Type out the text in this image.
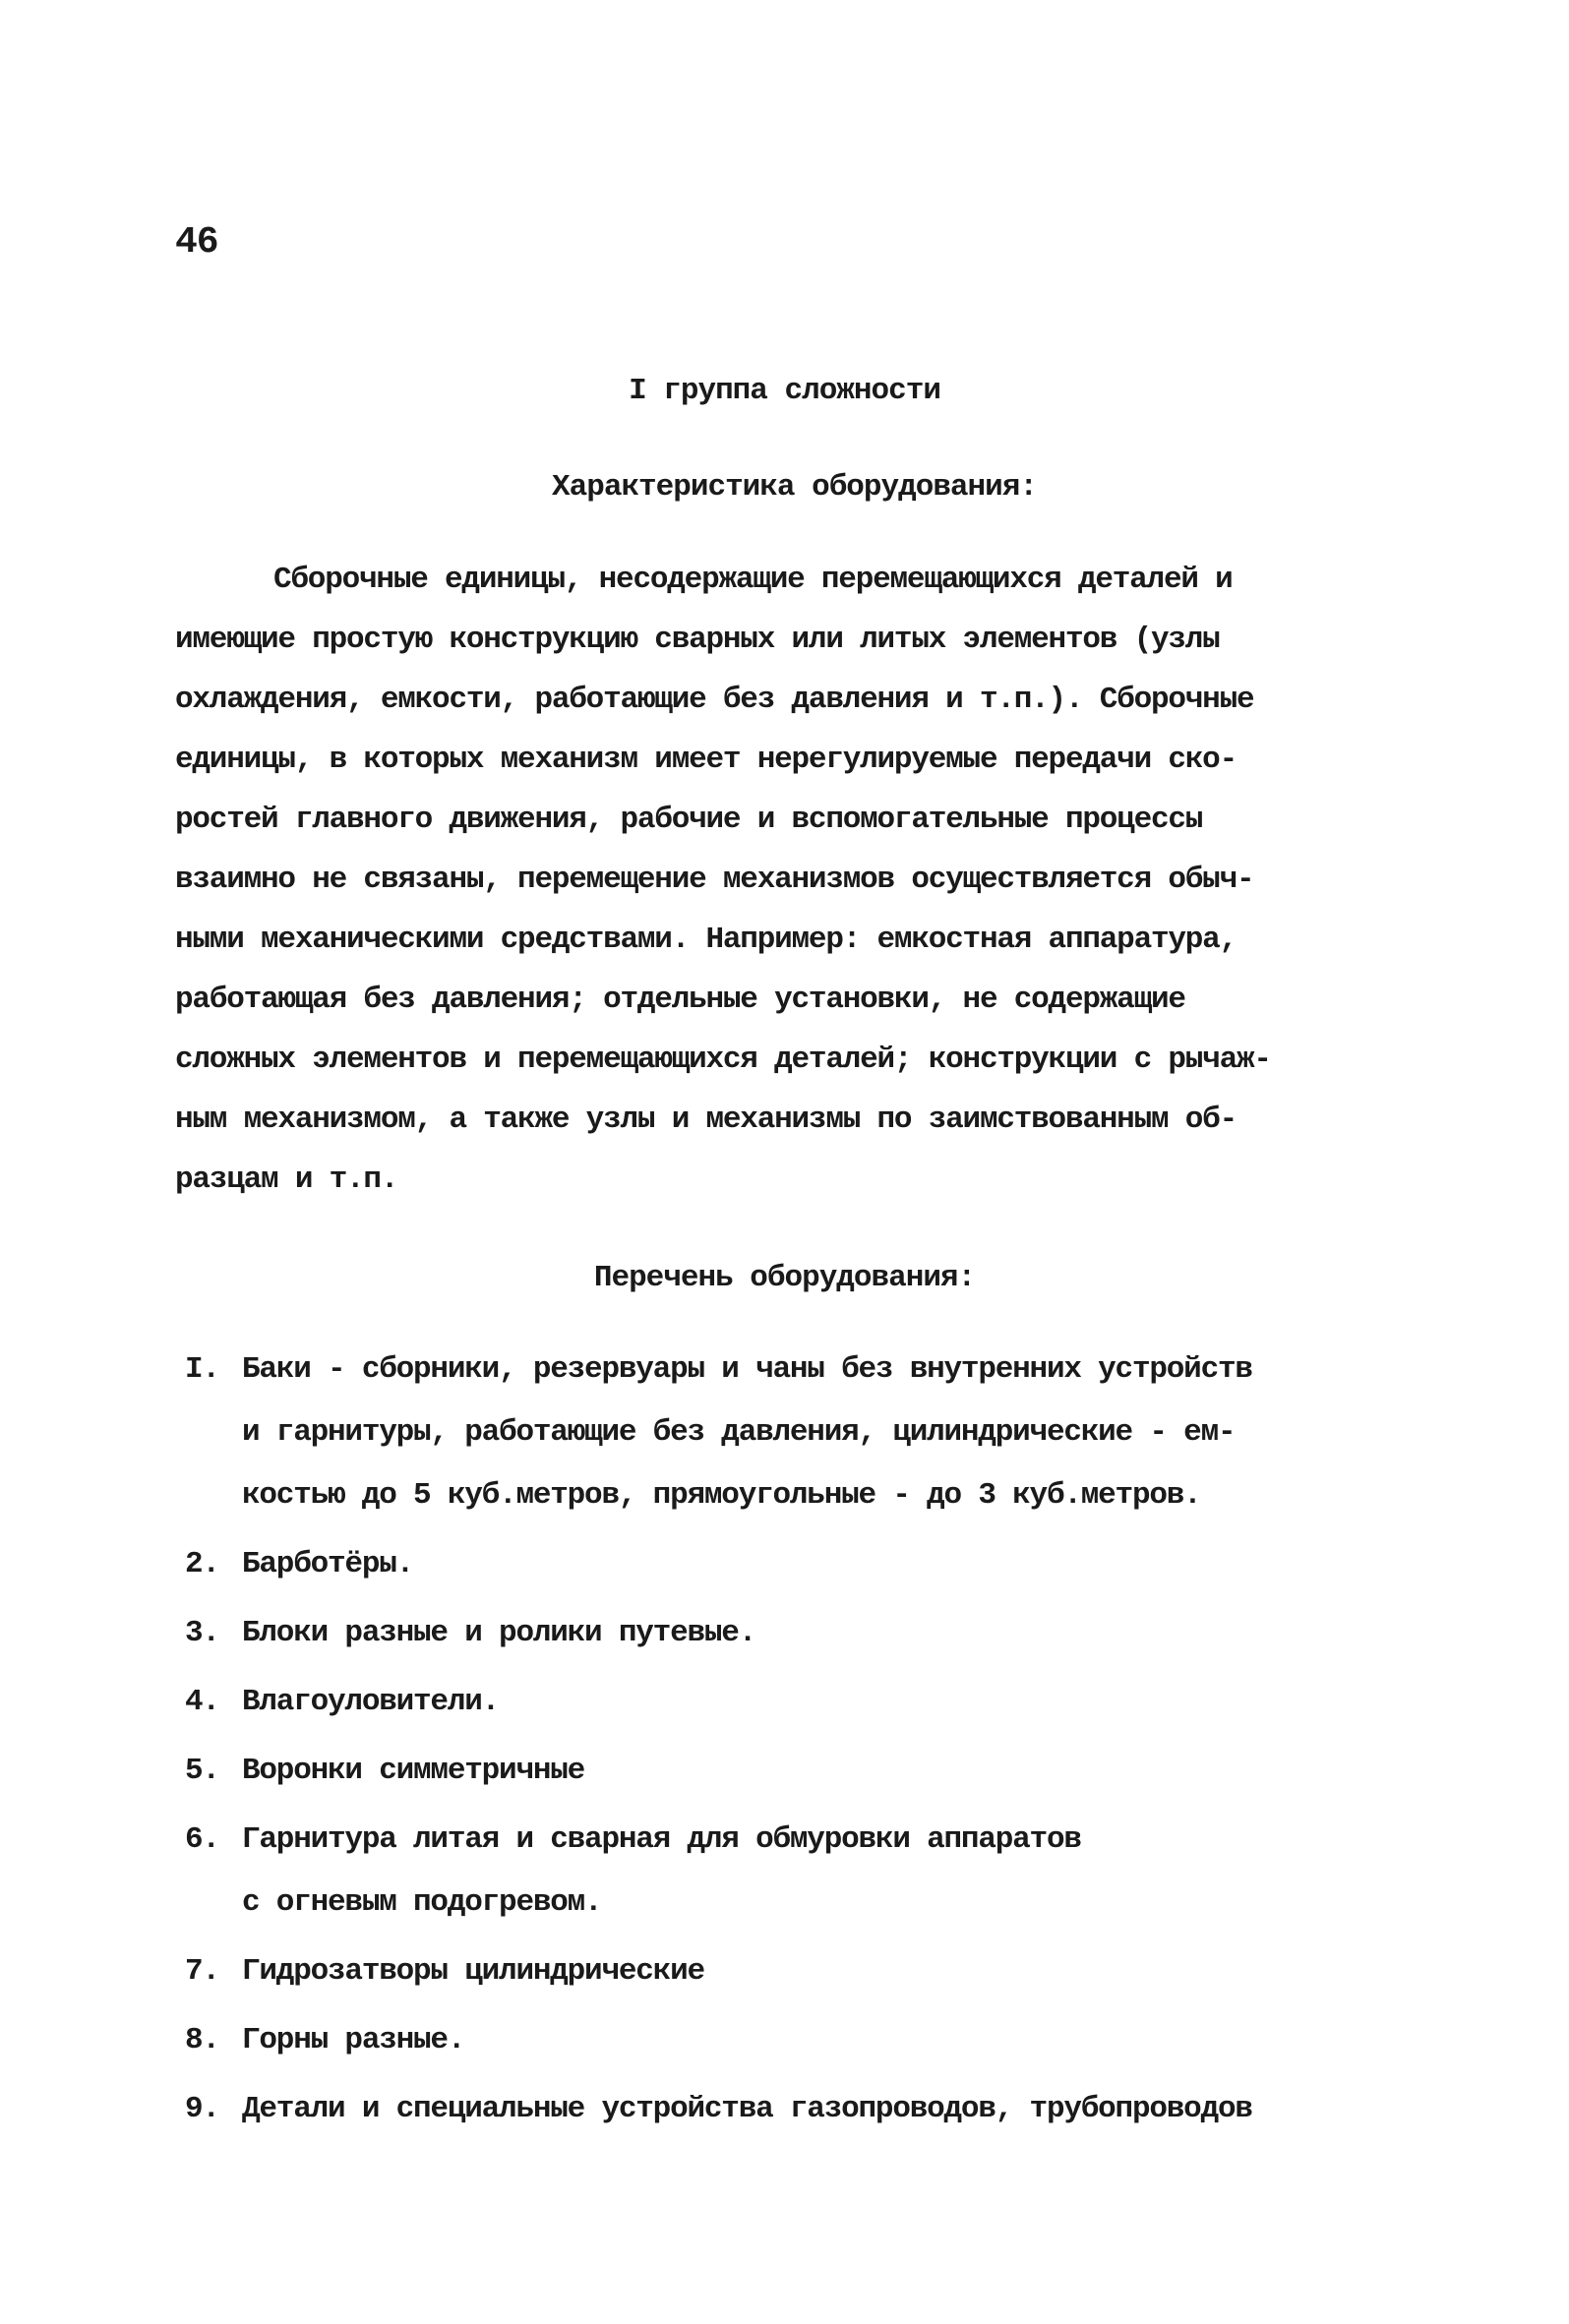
46
I группа сложности
Характеристика оборудования:
Сборочные единицы, несодержащие перемещающихся деталей и
имеющие простую конструкцию сварных или литых элементов (узлы
охлаждения, емкости, работающие без давления и т.п.). Сборочные
единицы, в которых механизм имеет нерегулируемые передачи ско-
ростей главного движения, рабочие и вспомогательные процессы
взаимно не связаны, перемещение механизмов осуществляется обыч-
ными механическими средствами. Например: емкостная аппаратура,
работающая без давления; отдельные установки, не содержащие
сложных элементов и перемещающихся деталей; конструкции с рычаж-
ным механизмом, а также узлы и механизмы по заимствованным об-
разцам и т.п.
Перечень оборудования:
I. Баки - сборники, резервуары и чаны без внутренних устройств
и гарнитуры, работающие без давления, цилиндрические - ем-
костью до 5 куб.метров, прямоугольные - до 3 куб.метров.
2. Барботёры.
3. Блоки разные и ролики путевые.
4. Влагоуловители.
5. Воронки симметричные
6. Гарнитура литая и сварная для обмуровки аппаратов
с огневым подогревом.
7. Гидрозатворы цилиндрические
8. Горны разные.
9. Детали и специальные устройства газопроводов, трубопроводов
